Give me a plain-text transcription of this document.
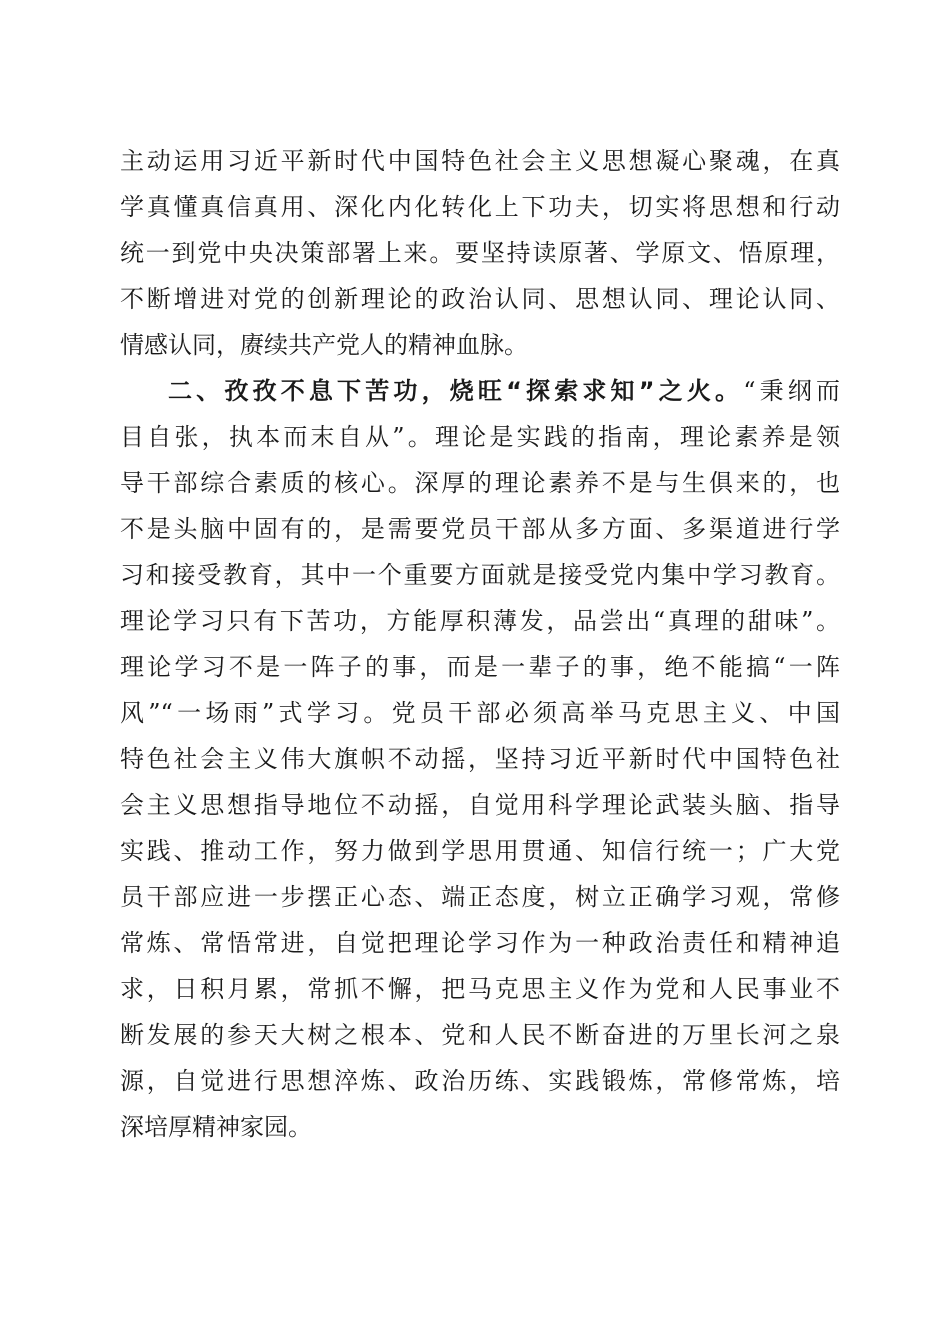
主动运用习近平新时代中国特色社会主义思想凝心聚魂，在真
学真懂真信真用、深化内化转化上下功夫，切实将思想和行动
统一到党中央决策部署上来。要坚持读原著、学原文、悟原理，
不断增进对党的创新理论的政治认同、思想认同、理论认同、
情感认同，赓续共产党人的精神血脉。
二、孜孜不息下苦功，烧旺“探索求知”之火。“秉纲而
目自张，执本而末自从”。理论是实践的指南，理论素养是领
导干部综合素质的核心。深厚的理论素养不是与生俱来的，也
不是头脑中固有的，是需要党员干部从多方面、多渠道进行学
习和接受教育，其中一个重要方面就是接受党内集中学习教育。
理论学习只有下苦功，方能厚积薄发，品尝出“真理的甜味”。
理论学习不是一阵子的事，而是一辈子的事，绝不能搞“一阵
风”“一场雨”式学习。党员干部必须高举马克思主义、中国
特色社会主义伟大旗帜不动摇，坚持习近平新时代中国特色社
会主义思想指导地位不动摇，自觉用科学理论武装头脑、指导
实践、推动工作，努力做到学思用贯通、知信行统一；广大党
员干部应进一步摆正心态、端正态度，树立正确学习观，常修
常炼、常悟常进，自觉把理论学习作为一种政治责任和精神追
求，日积月累，常抓不懈，把马克思主义作为党和人民事业不
断发展的参天大树之根本、党和人民不断奋进的万里长河之泉
源，自觉进行思想淬炼、政治历练、实践锻炼，常修常炼，培
深培厚精神家园。
